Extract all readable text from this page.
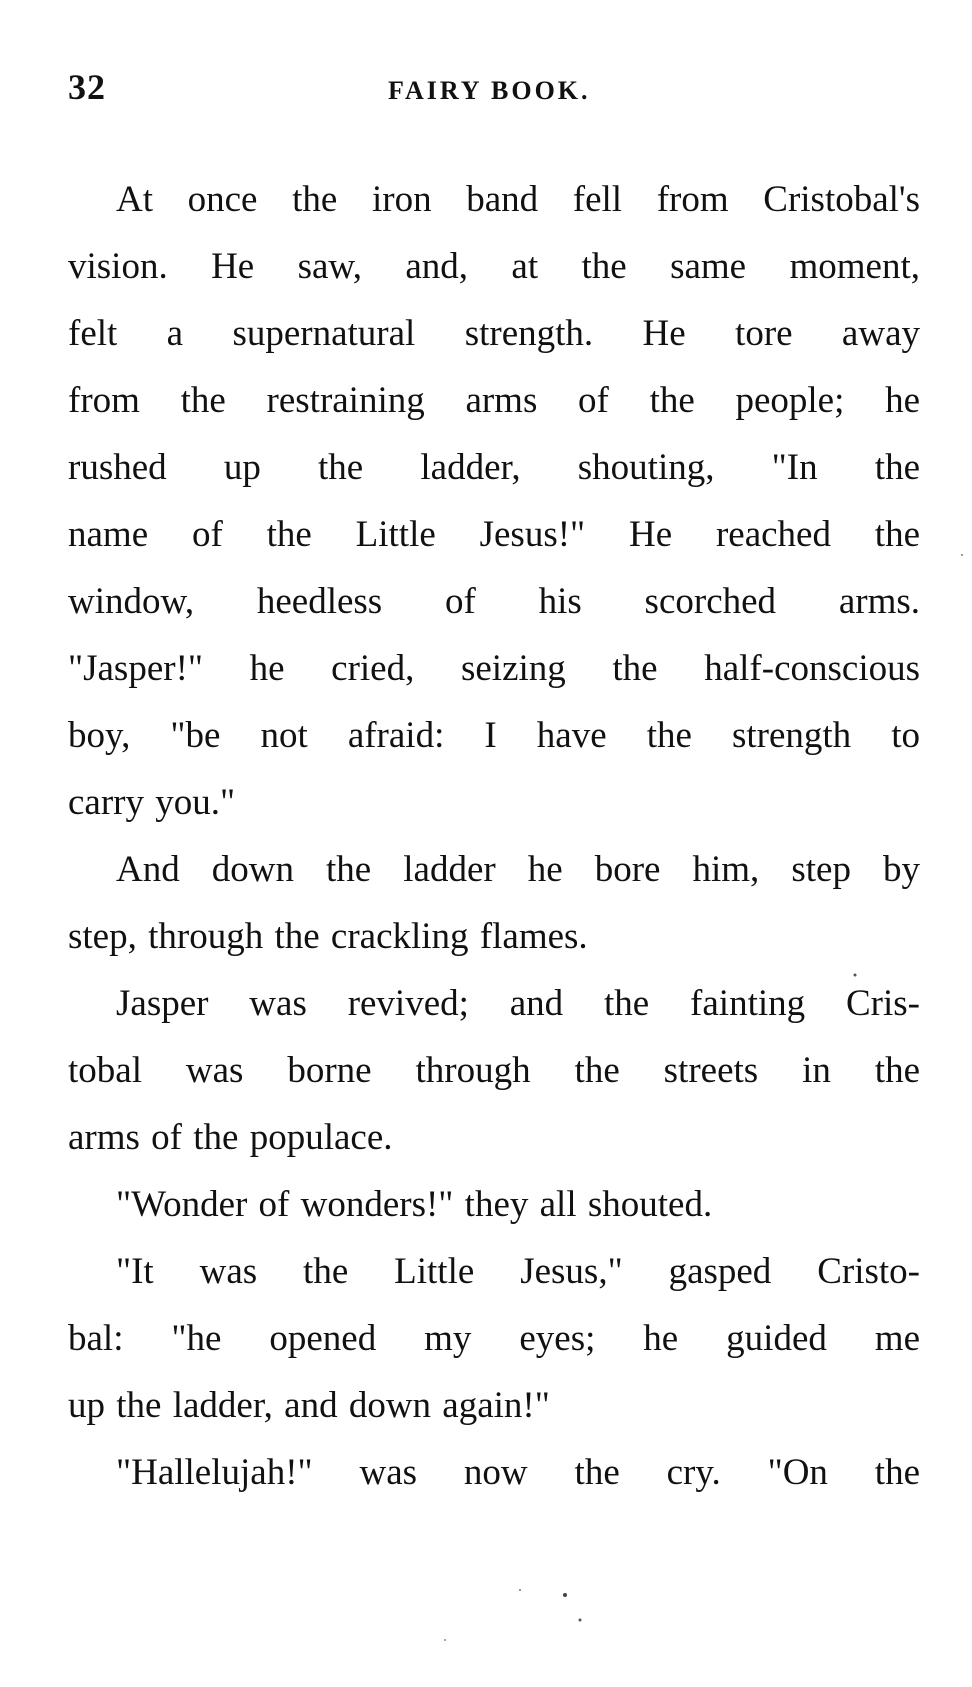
32	FAIRY BOOK.

At once the iron band fell from Cristobal's
vision. He saw, and, at the same moment,
felt a supernatural strength. He tore away
from the restraining arms of the people; he
rushed up the ladder, shouting, "In the
name of the Little Jesus!" He reached the
window, heedless of his scorched arms.
"Jasper!" he cried, seizing the half-conscious
boy, "be not afraid: I have the strength to
carry you."

And down the ladder he bore him, step by
step, through the crackling flames.

Jasper was revived; and the fainting Cris-
tobal was borne through the streets in the
arms of the populace.

"Wonder of wonders!" they all shouted.

"It was the Little Jesus," gasped Cristo-
bal: "he opened my eyes; he guided me
up the ladder, and down again!"

"Hallelujah!" was now the cry. "On the
